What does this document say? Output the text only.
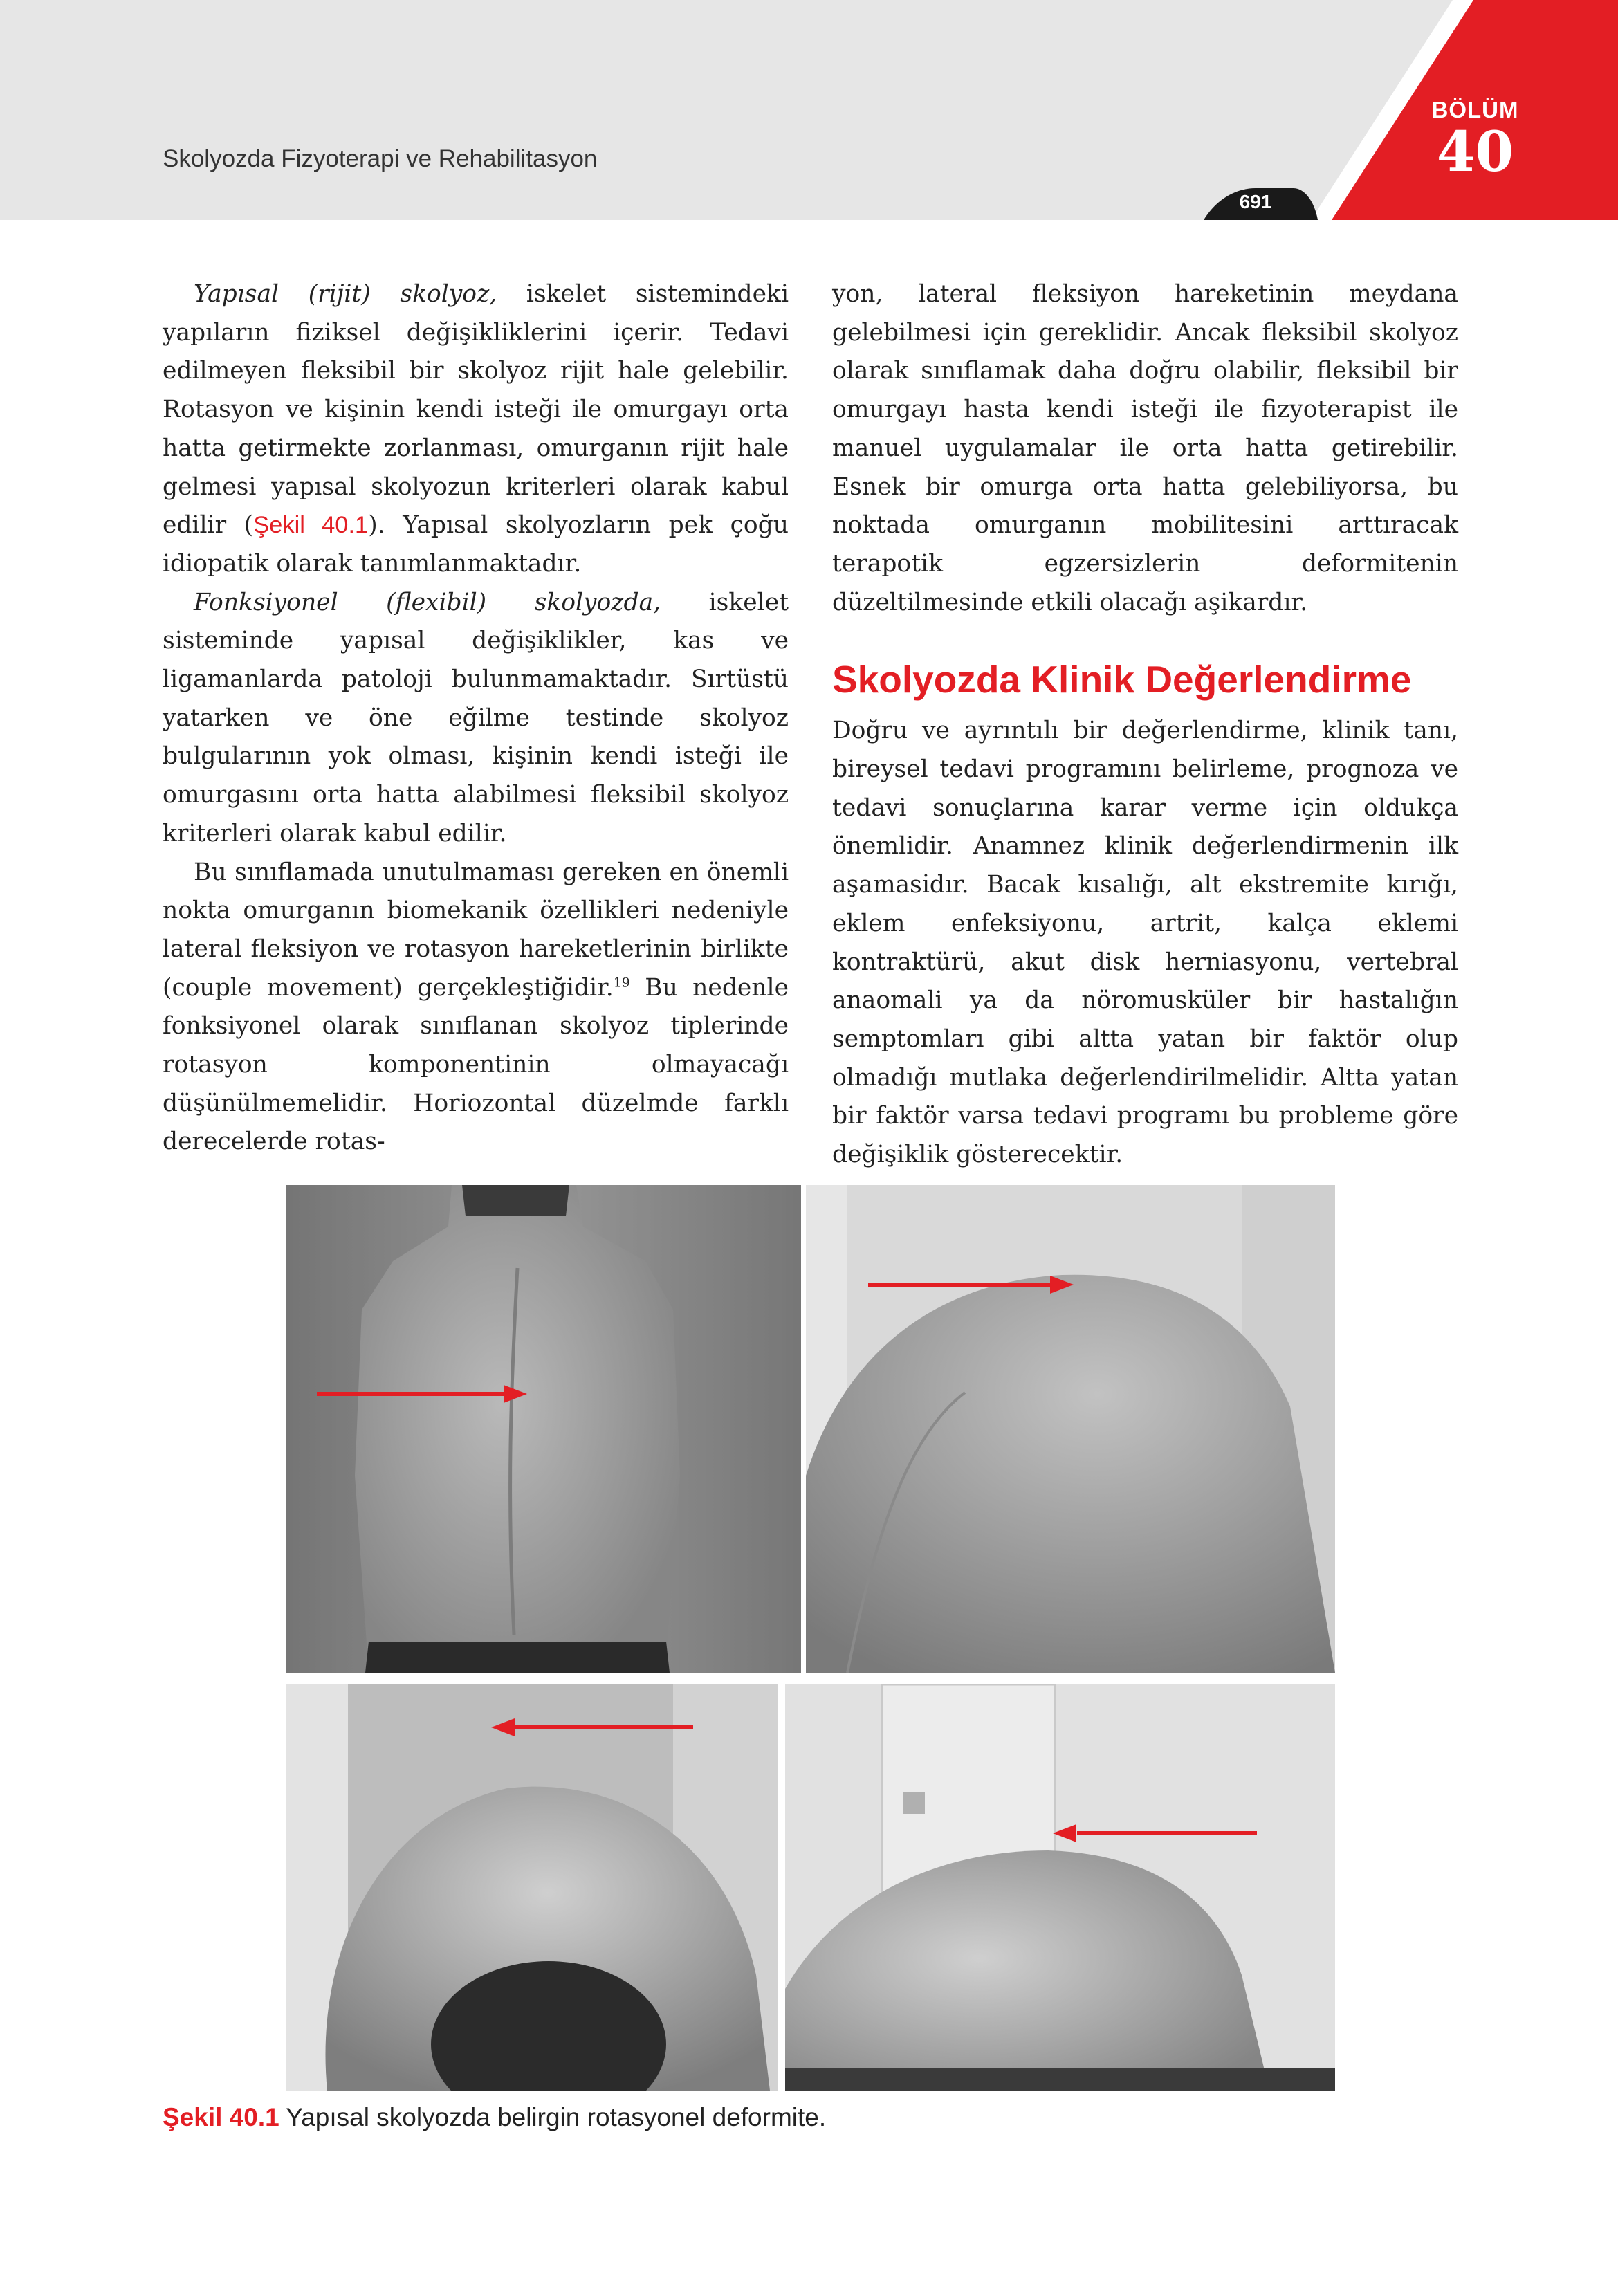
Skolyozda Fizyoterapi ve Rehabilitasyon
BÖLÜM
40
691

Yapısal (rijit) skolyoz, iskelet sistemindeki yapıların fiziksel değişikliklerini içerir. Tedavi edilmeyen fleksibil bir skolyoz rijit hale gelebilir. Rotasyon ve kişinin kendi isteği ile omurgayı orta hatta getirmekte zorlanması, omurganın rijit hale gelmesi yapısal skolyozun kriterleri olarak kabul edilir (Şekil 40.1). Yapısal skolyozların pek çoğu idiopatik olarak tanımlanmaktadır.

Fonksiyonel (flexibil) skolyozda, iskelet sisteminde yapısal değişiklikler, kas ve ligamanlarda patoloji bulunmamaktadır. Sırtüstü yatarken ve öne eğilme testinde skolyoz bulgularının yok olması, kişinin kendi isteği ile omurgasını orta hatta alabilmesi fleksibil skolyoz kriterleri olarak kabul edilir.

Bu sınıflamada unutulmaması gereken en önemli nokta omurganın biomekanik özellikleri nedeniyle lateral fleksiyon ve rotasyon hareketlerinin birlikte (couple movement) gerçekleştiğidir.$^{19}$ Bu nedenle fonksiyonel olarak sınıflanan skolyoz tiplerinde rotasyon komponentinin olmayacağı düşünülmemelidir. Horiozontal düzelmde farklı derecelerde rotas-

yon, lateral fleksiyon hareketinin meydana gelebilmesi için gereklidir. Ancak fleksibil skolyoz olarak sınıflamak daha doğru olabilir, fleksibil bir omurgayı hasta kendi isteği ile fizyoterapist ile manuel uygulamalar ile orta hatta getirebilir. Esnek bir omurga orta hatta gelebiliyorsa, bu noktada omurganın mobilitesini arttıracak terapotik egzersizlerin deformitenin düzeltilmesinde etkili olacağı aşikardır.

Skolyozda Klinik Değerlendirme

Doğru ve ayrıntılı bir değerlendirme, klinik tanı, bireysel tedavi programını belirleme, prognoza ve tedavi sonuçlarına karar verme için oldukça önemlidir. Anamnez klinik değerlendirmenin ilk aşaması̇dır. Bacak kısalığı, alt ekstremite kırığı, eklem enfeksiyonu, artrit, kalça eklemi kontraktürü, akut disk herniasyonu, vertebral anaomali ya da nöromusküler bir hastalığın semptomları gibi altta yatan bir faktör olup olmadığı mutlaka değerlendirilmelidir. Altta yatan bir faktör varsa tedavi programı bu probleme göre değişiklik gösterecektir.

Şekil 40.1 Yapısal skolyozda belirgin rotasyonel deformite.
